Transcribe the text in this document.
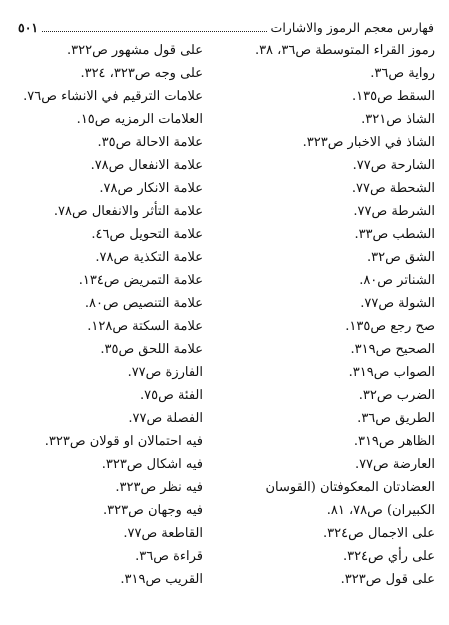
فهارس معجم الرموز والاشارات
٥٠١
رموز القراء المتوسطة ص٣٦، ٣٨.
رواية ص٣٦.
السقط ص١٣٥.
الشاذ ص٣٢١.
الشاذ في الاخبار ص٣٢٣.
الشارحة ص٧٧.
الشحطة ص٧٧.
الشرطة ص٧٧.
الشطب ص٣٣.
الشق ص٣٢.
الشناتر ص٨٠.
الشولة ص٧٧.
صح رجع ص١٣٥.
الصحيح ص٣١٩.
الصواب ص٣١٩.
الضرب ص٣٢.
الطريق ص٣٦.
الظاهر ص٣١٩.
العارضة ص٧٧.
العضادتان المعكوفتان (القوسان
الكبيران) ص٧٨، ٨١.
على الاجمال ص٣٢٤.
على رأي ص٣٢٤.
على قول ص٣٢٣.
على قول مشهور ص٣٢٢.
على وجه ص٣٢٣، ٣٢٤.
علامات الترقيم في الانشاء ص٧٦.
العلامات الرمزيه ص١٥.
علامة الاحالة ص٣٥.
علامة الانفعال ص٧٨.
علامة الانكار ص٧٨.
علامة التأثر والانفعال ص٧٨.
علامة التحويل ص٤٦.
علامة التكذية ص٧٨.
علامة التمريض ص١٣٤.
علامة التنصيص ص٨٠.
علامة السكتة ص١٢٨.
علامة اللحق ص٣٥.
الفارزة ص٧٧.
الفئة ص٧٥.
الفصلة ص٧٧.
فيه احتمالان او قولان ص٣٢٣.
فيه اشكال ص٣٢٣.
فيه نظر ص٣٢٣.
فيه وجهان ص٣٢٣.
القاطعة ص٧٧.
قراءة ص٣٦.
القريب ص٣١٩.
